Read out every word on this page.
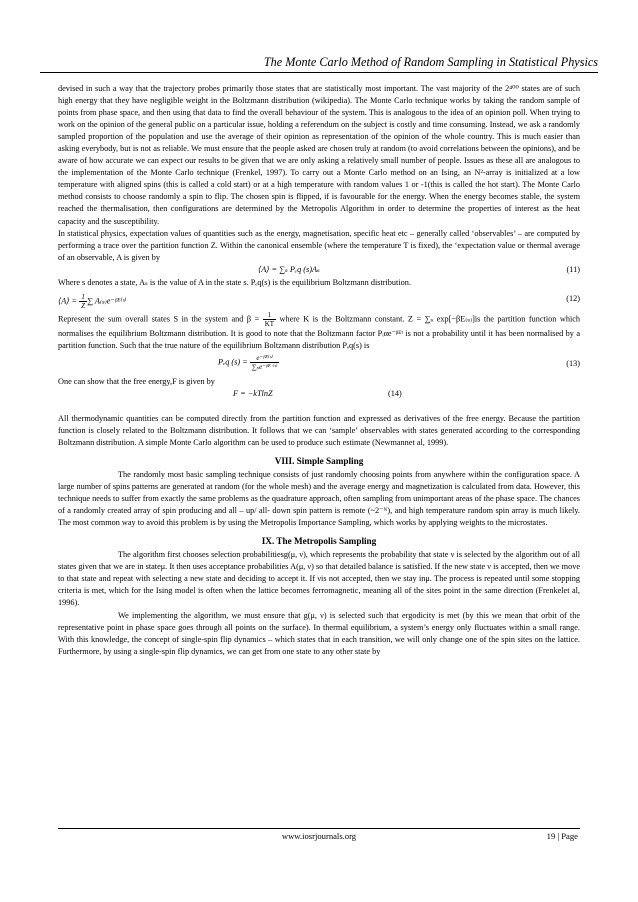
The Monte Carlo Method of Random Sampling in Statistical Physics

devised in such a way that the trajectory probes primarily those states that are statistically most important. The vast majority of the 2⁴⁰⁰ states are of such high energy that they have negligible weight in the Boltzmann distribution (wikipedia). The Monte Carlo technique works by taking the random sample of points from phase space, and then using that data to find the overall behaviour of the system. This is analogous to the idea of an opinion poll. When trying to work on the opinion of the general public on a particular issue, holding a referendum on the subject is costly and time consuming. Instead, we ask a randomly sampled proportion of the population and use the average of their opinion as representation of the opinion of the whole country. This is much easier than asking everybody, but is not as reliable. We must ensure that the people asked are chosen truly at random (to avoid correlations between the opinions), and be aware of how accurate we can expect our results to be given that we are only asking a relatively small number of people. Issues as these all are analogous to the implementation of the Monte Carlo technique (Frenkel, 1997). To carry out a Monte Carlo method on an Ising, an N²-array is initialized at a low temperature with aligned spins (this is called a cold start) or at a high temperature with random values 1 or -1(this is called the hot start). The Monte Carlo method consists to choose randomly a spin to flip. The chosen spin is flipped, if is favourable for the energy. When the energy becomes stable, the system reached the thermalisation, then configurations are determined by the Metropolis Algorithm in order to determine the properties of interest as the heat capacity and the susceptibility.

In statistical physics, expectation values of quantities such as the energy, magnetisation, specific heat etc – generally called ‘observables’ – are computed by performing a trace over the partition function Z. Within the canonical ensemble (where the temperature T is fixed), the ‘expectation value or thermal average of an observable, A is given by

⟨A⟩ = ∑ₛ Pₑq (s)Aₛ	(11)

Where s denotes a state, Aₛ is the value of A in the state s. Pₑq(s) is the equilibrium Boltzmann distribution.

⟨A⟩ = $\frac{1}{Z}$ ∑ A₍ₛ₎e⁻ᵝᴱ⁽ˢ⁾	(12)

Represent the sum overall states S in the system and $\beta = \frac{1}{KT}$ where K is the Boltzmann constant. Z = ∑ₛ exp[−βE₍ₛ₎]is the partition function which normalises the equilibrium Boltzmann distribution. It is good to note that the Boltzmann factor Pᵢαe⁻ᵝᴱⁱ is not a probability until it has been normalised by a partition function. Such that the true nature of the equilibrium Boltzmann distribution Pₑq(s) is

Pₑq $(s) = \frac{\text{e⁻ᵝᴱ⁽ˢ⁾}}{\text{∑ₛe⁻ᵝᴱ ⁽ˢ⁾}}$	(13)

One can show that the free energy,F is given by

F = −kTlnZ	(14)

All thermodynamic quantities can be computed directly from the partition function and expressed as derivatives of the free energy. Because the partition function is closely related to the Boltzmann distribution. It follows that we can ‘sample’ observables with states generated according to the corresponding Boltzmann distribution. A simple Monte Carlo algorithm can be used to produce such estimate (Newmannet al, 1999).

VIII. Simple Sampling

The randomly most basic sampling technique consists of just randomly choosing points from anywhere within the configuration space. A large number of spins patterns are generated at random (for the whole mesh) and the average energy and magnetization is calculated from data. However, this technique needs to suffer from exactly the same problems as the quadrature approach, often sampling from unimportant areas of the phase space. The chances of a randomly created array of spin producing and all – up/ all- down spin pattern is remote (~2⁻ᴺ), and high temperature random spin array is much likely. The most common way to avoid this problem is by using the Metropolis Importance Sampling, which works by applying weights to the microstates.

IX. The Metropolis Sampling

The algorithm first chooses selection probabilitiesg(μ, ν), which represents the probability that state ν is selected by the algorithm out of all states given that we are in stateμ. It then uses acceptance probabilities A(μ, ν) so that detailed balance is satisfied. If the new state ν is accepted, then we move to that state and repeat with selecting a new state and deciding to accept it. If νis not accepted, then we stay inμ. The process is repeated until some stopping criteria is met, which for the Ising model is often when the lattice becomes ferromagnetic, meaning all of the sites point in the same direction (Frenkelet al, 1996).

We implementing the algorithm, we must ensure that g(μ, ν) is selected such that ergodicity is met (by this we mean that orbit of the representative point in phase space goes through all points on the surface). In thermal equilibrium, a system’s energy only fluctuates within a small range. With this knowledge, the concept of single-spin flip dynamics – which states that in each transition, we will only change one of the spin sites on the lattice. Furthermore, by using a single-spin flip dynamics, we can get from one state to any other state by

www.iosrjournals.org	19 | Page
